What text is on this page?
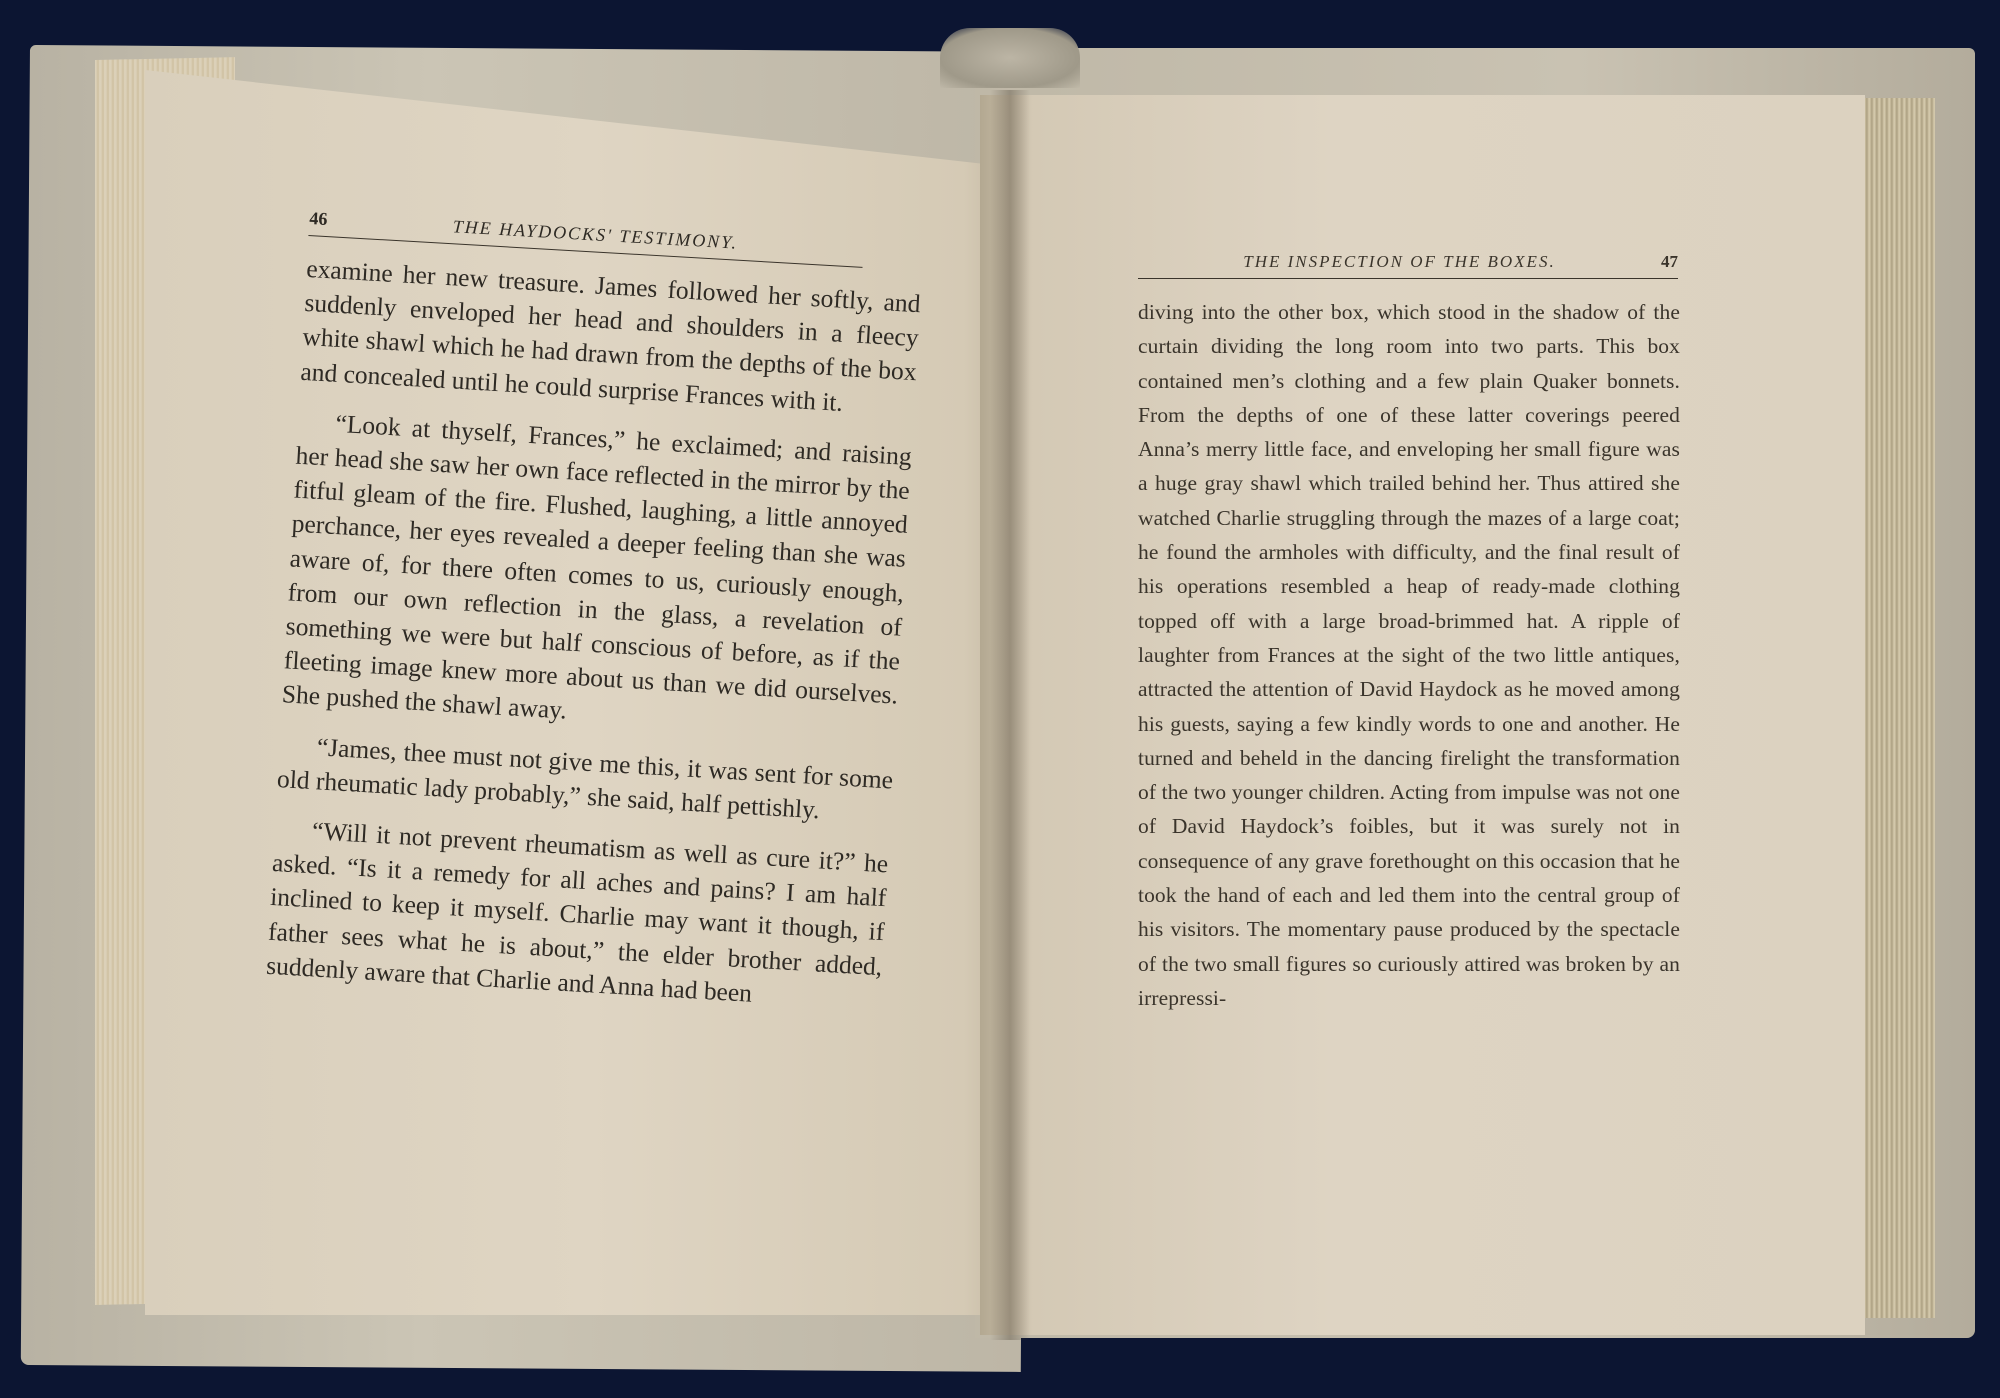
46	THE HAYDOCKS' TESTIMONY.

examine her new treasure. James followed her softly, and suddenly enveloped her head and shoulders in a fleecy white shawl which he had drawn from the depths of the box and concealed until he could surprise Frances with it.

“Look at thyself, Frances,” he exclaimed; and raising her head she saw her own face reflected in the mirror by the fitful gleam of the fire. Flushed, laughing, a little annoyed perchance, her eyes revealed a deeper feeling than she was aware of, for there often comes to us, curiously enough, from our own reflection in the glass, a revelation of something we were but half conscious of before, as if the fleeting image knew more about us than we did ourselves. She pushed the shawl away.

“James, thee must not give me this, it was sent for some old rheumatic lady probably,” she said, half pettishly.

“Will it not prevent rheumatism as well as cure it?” he asked. “Is it a remedy for all aches and pains? I am half inclined to keep it myself. Charlie may want it though, if father sees what he is about,” the elder brother added, suddenly aware that Charlie and Anna had been

THE INSPECTION OF THE BOXES.	47

diving into the other box, which stood in the shadow of the curtain dividing the long room into two parts. This box contained men’s clothing and a few plain Quaker bonnets. From the depths of one of these latter coverings peered Anna’s merry little face, and enveloping her small figure was a huge gray shawl which trailed behind her. Thus attired she watched Charlie struggling through the mazes of a large coat; he found the armholes with difficulty, and the final result of his operations resembled a heap of ready-made clothing topped off with a large broad-brimmed hat. A ripple of laughter from Frances at the sight of the two little antiques, attracted the attention of David Haydock as he moved among his guests, saying a few kindly words to one and another. He turned and beheld in the dancing firelight the transformation of the two younger children. Acting from impulse was not one of David Haydock’s foibles, but it was surely not in consequence of any grave forethought on this occasion that he took the hand of each and led them into the central group of his visitors. The momentary pause produced by the spectacle of the two small figures so curiously attired was broken by an irrepressi-
